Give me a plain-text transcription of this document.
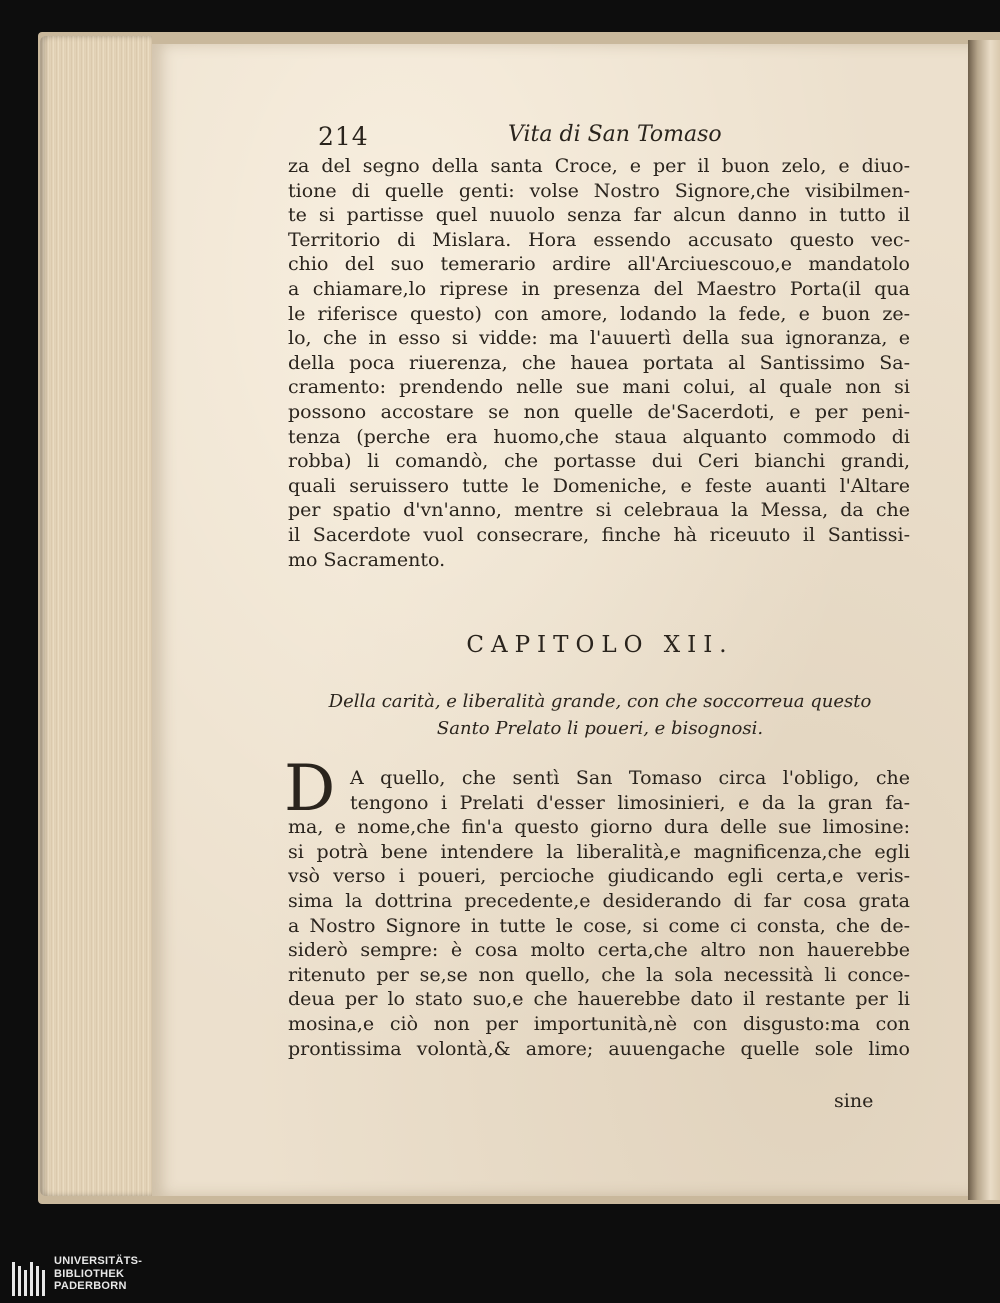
214	Vita di San Tomaso
za del segno della santa Croce, e per il buon zelo, e diuo-
tione di quelle genti: volse Nostro Signore,che visibilmen-
te si partisse quel nuuolo senza far alcun danno in tutto il
Territorio di Mislara. Hora essendo accusato questo vec-
chio del suo temerario ardire all'Arciuescouo,e mandatolo
a chiamare,lo riprese in presenza del Maestro Porta(il qua
le riferisce questo) con amore, lodando la fede, e buon ze-
lo, che in esso si vidde: ma l'auuertì della sua ignoranza, e
della poca riuerenza, che hauea portata al Santissimo Sa-
cramento: prendendo nelle sue mani colui, al quale non si
possono accostare se non quelle de'Sacerdoti, e per peni-
tenza (perche era huomo,che staua alquanto commodo di
robba) li comandò, che portasse dui Ceri bianchi grandi,
quali seruissero tutte le Domeniche, e feste auanti l'Altare
per spatio d'vn'anno, mentre si celebraua la Messa, da che
il Sacerdote vuol consecrare, finche hà riceuuto il Santissi-
mo Sacramento.
CAPITOLO XII.
Della carità, e liberalità grande, con che soccorreua questo
Santo Prelato li poueri, e bisognosi.
D A quello, che sentì San Tomaso circa l'obligo, che
tengono i Prelati d'esser limosinieri, e da la gran fa-
ma, e nome,che fin'a questo giorno dura delle sue limosine:
si potrà bene intendere la liberalità,e magnificenza,che egli
vsò verso i poueri, percioche giudicando egli certa,e veris-
sima la dottrina precedente,e desiderando di far cosa grata
a Nostro Signore in tutte le cose, si come ci consta, che de-
siderò sempre: è cosa molto certa,che altro non hauerebbe
ritenuto per se,se non quello, che la sola necessità li conce-
deua per lo stato suo,e che hauerebbe dato il restante per li
mosina,e ciò non per importunità,nè con disgusto:ma con
prontissima volontà,& amore; auuengache quelle sole limo
sine
UNIVERSITÄTS-
BIBLIOTHEK
PADERBORN
